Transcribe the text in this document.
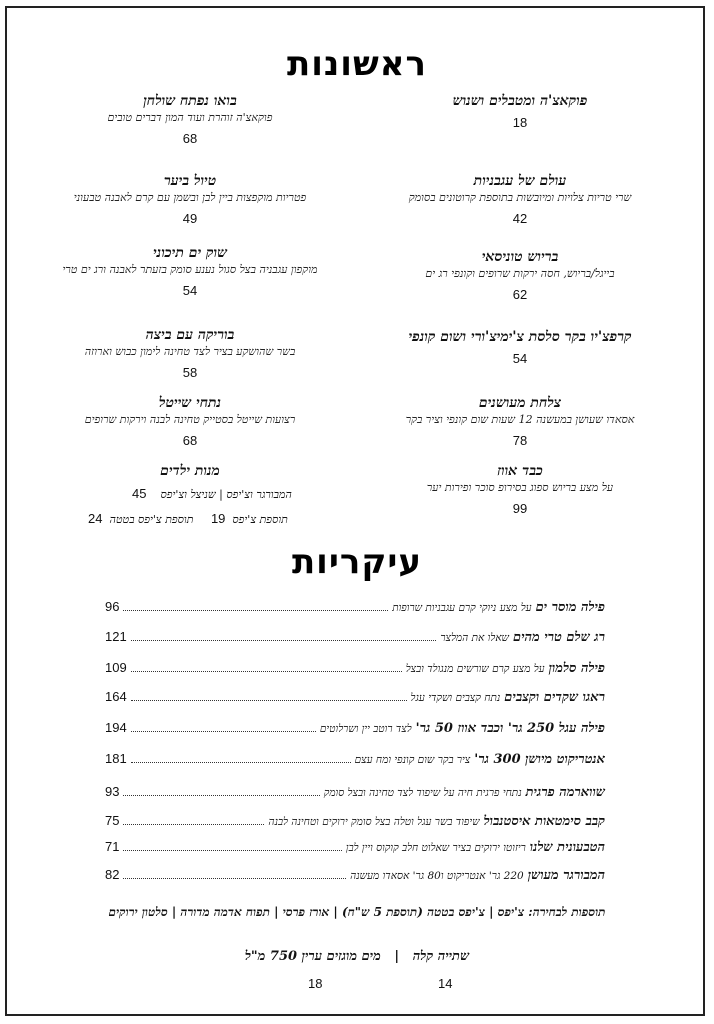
ראשונות
פוקאצ'ה ומטבלים ושנוש
18
בואו נפתח שולחן
פוקאצ'ה זוהרת ועוד המון דברים טובים
68
עולם של עגבניות
שרי טריות צלויות ומיובשות בתוספת קרוטונים בסומק
42
טיול ביער
פטריות מוקפצות ביין לבן ובשמן עם קרם לאבנה טבעוני
49
בריוש טוניסאי
בייגל/בריוש, חסה ירקות שרופים וקונפי רג ים
62
שוק ים תיכוני
מוקפון עגבניה בצל סגול נענע סומק בזעתר לאבנה ורג ים טרי
54
קרפצ'יו בקר סלסת צ'ימיצ'ורי ושום קונפי
54
בוריקה עם ביצה
בשר שהושקע בציר לצד טחינה לימון כבוש וארוזה
58
צלחת מעושנים
אסאדו שעושן במעשנה 12 שעות שום קונפי וציר בקר
78
נתחי שייטל
רצועות שייטל בסטייק טחינה לבנה וירקות שרופים
68
כבד אווז
על מצע בריוש ספוג בסירופ סוכר ופירות יער
99
מנות ילדים
המבורגר וצ'יפס | שניצל וצ'יפס    45
תוספת צ'יפס  19     תוספת צ'יפס בטטה  24
עיקריות
פילה מוסר ים
על מצע ניוקי קרם עגבניות שרופות
96
רג שלם טרי מהים
שאלו את המלצר
121
פילה סלמון
על מצע קרם שורשים מנגולד ובצל
109
ראגו שקדים וקצבים
נתח קצבים ושקדי עגל
164
פילה עגל 250 גר' וכבד אווז 50 גר'
לצד רוטב יין ושרלוטים
194
אנטריקוט מיושן 300 גר'
ציר בקר שום קונפי ומח עצם
181
שווארמה פרגית
נתחי פרגית חיה על שיפוד לצד טחינה ובצל סומק
93
קבב סימטאות איסטנבול
שיפוד בשר עגל וטלה בצל סומק ירוקים וטחינה לבנה
75
הטבעונית שלנו
ריזוטו ירוקים בציר שאלוט חלב קוקוס ויין לבן
71
המבורגר מעושן
220 גר' אנטריקוט ו80 גר' אסאדו מעשנה
82
תוספות לבחירה: צ'יפס | צ'יפס בטטה (תוספת 5 ש"ח) | אורז פרסי | תפוח אדמה מדורה | סלטון ירוקים
שתייה קלה   |   מים מוגזים ערין 750 מ"ל
18	14
